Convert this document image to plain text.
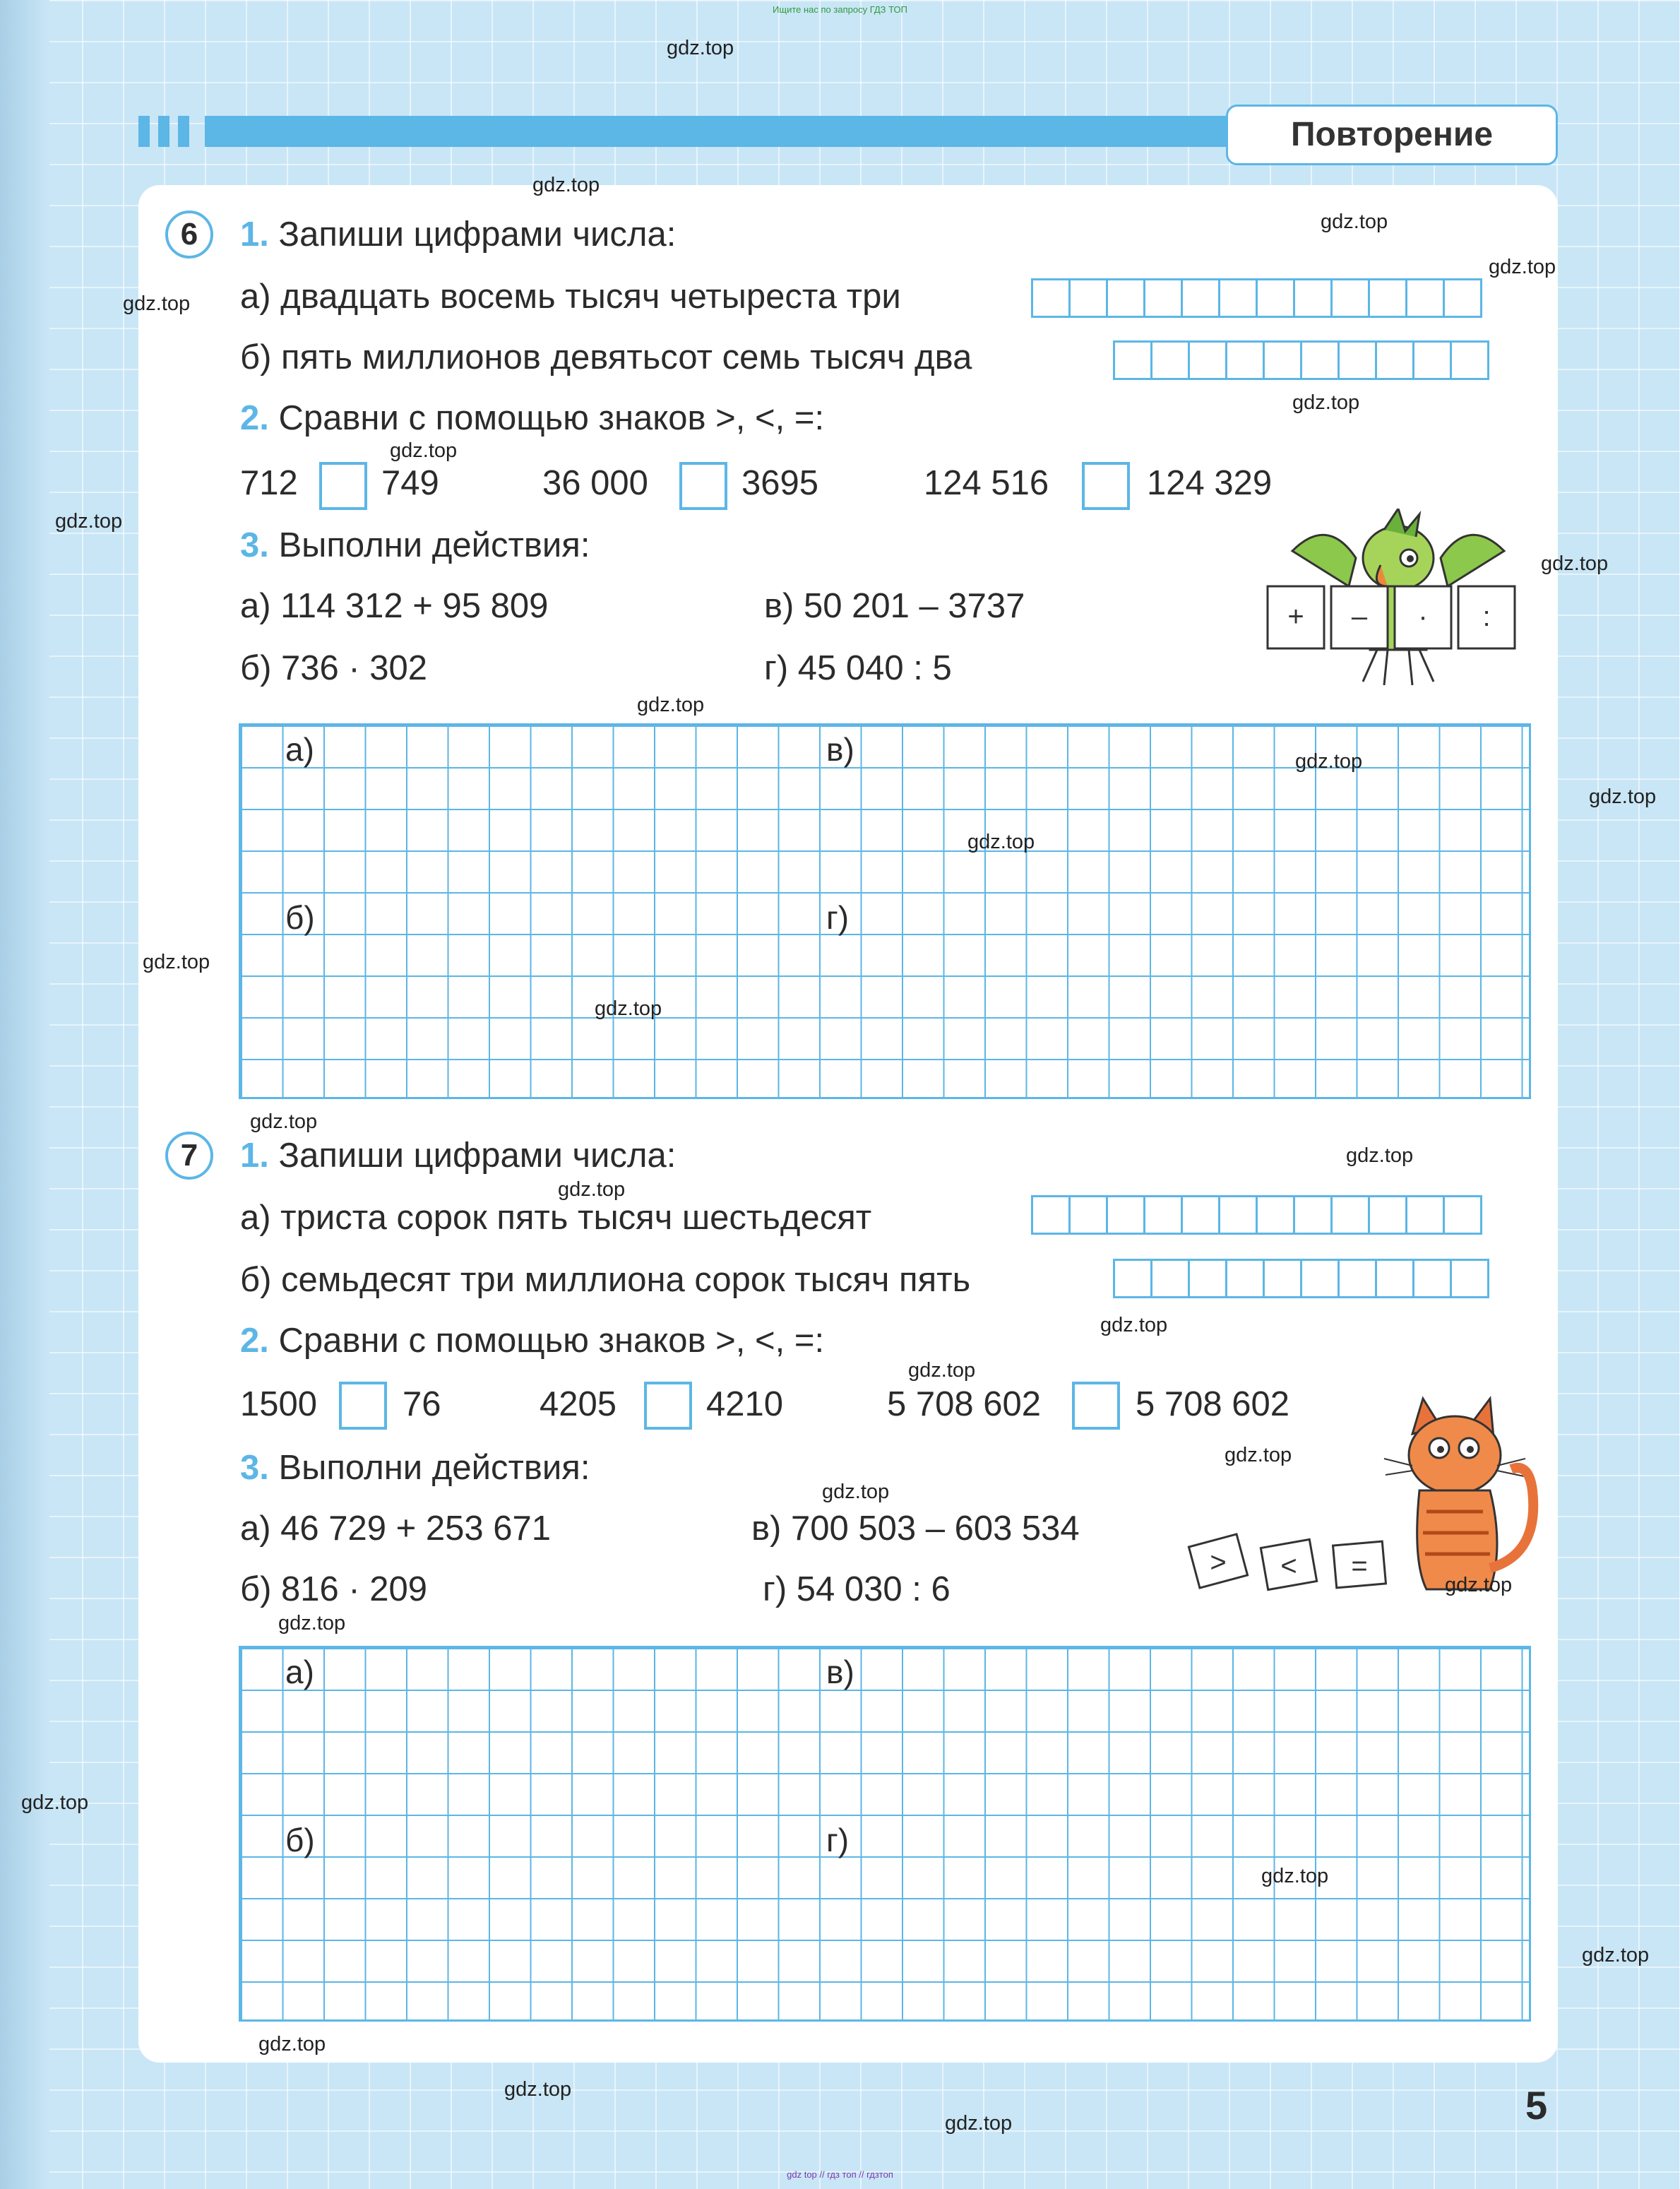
Ищите нас по запросу ГДЗ ТОП
Повторение
6	1. Запиши цифрами числа:
а) двадцать восемь тысяч четыреста три
б) пять миллионов девятьсот семь тысяч два
2. Сравни с помощью знаков >, <, =:
712 749	36 000	3695	124 516	124 329
3. Выполни действия:
а) 114 312 + 95 809	в) 50 201 – 3737
б) 736 · 302	г) 45 040 : 5
+ – · :
а)	в)
б)	г)
7	1. Запиши цифрами числа:
а) триста сорок пять тысяч шестьдесят
б) семьдесят три миллиона сорок тысяч пять
2. Сравни с помощью знаков >, <, =:
1500 76	4205	4210	5 708 602	5 708 602
3. Выполни действия:
а) 46 729 + 253 671	в) 700 503 – 603 534
б) 816 · 209	г) 54 030 : 6
> < =
а)	в)
б)	г)
5
gdz.top
gdz.top
gdz.top
gdz.top
gdz.top
gdz.top
gdz.top
gdz.top
gdz.top
gdz.top
gdz.top
gdz.top
gdz.top
gdz.top
gdz.top
gdz.top
gdz.top
gdz.top
gdz.top
gdz.top
gdz.top
gdz.top
gdz.top
gdz.top
gdz.top
gdz.top
gdz.top
gdz.top
gdz.top
gdz.top
gdz top // гдз топ // гдзтоп
